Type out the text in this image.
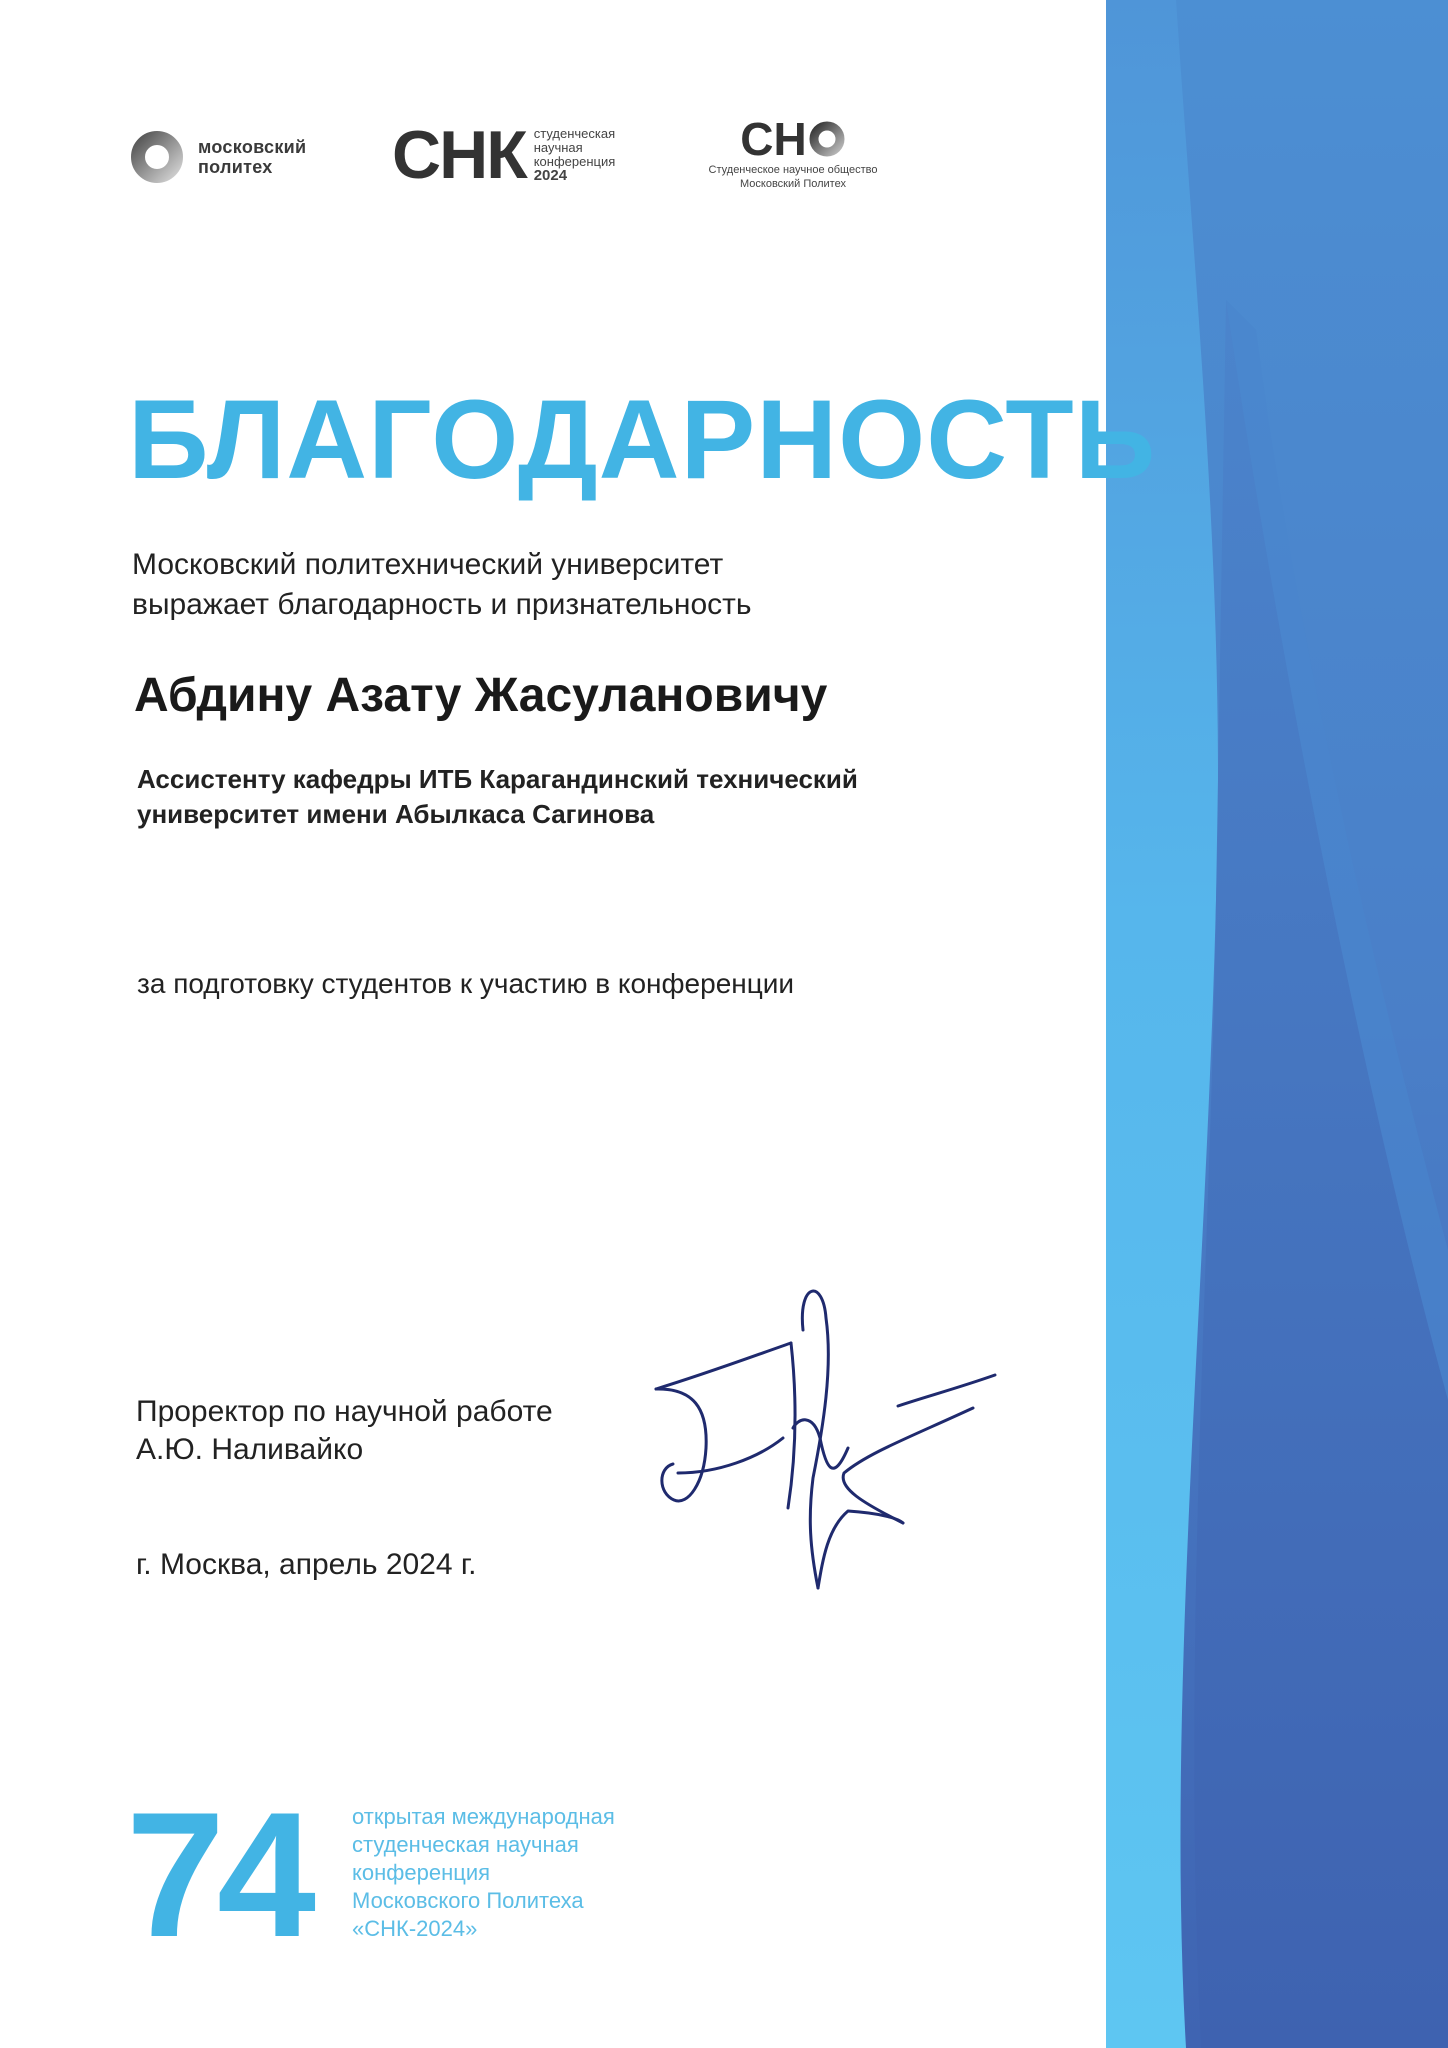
московский
политех	СНК студенческая
научная
конференция
2024
СН
Студенческое научное общество
Московский Политех
БЛАГОДАРНОСТЬ
Московский политехнический университет
выражает благодарность и признательность
Абдину Азату Жасулановичу
Ассистенту кафедры ИТБ Карагандинский технический
университет имени Абылкаса Сагинова
за подготовку студентов к участию в конференции
Проректор по научной работе
А.Ю. Наливайко
г. Москва, апрель 2024 г.
74 открытая международная
студенческая научная
конференция
Московского Политеха
«СНК-2024»
